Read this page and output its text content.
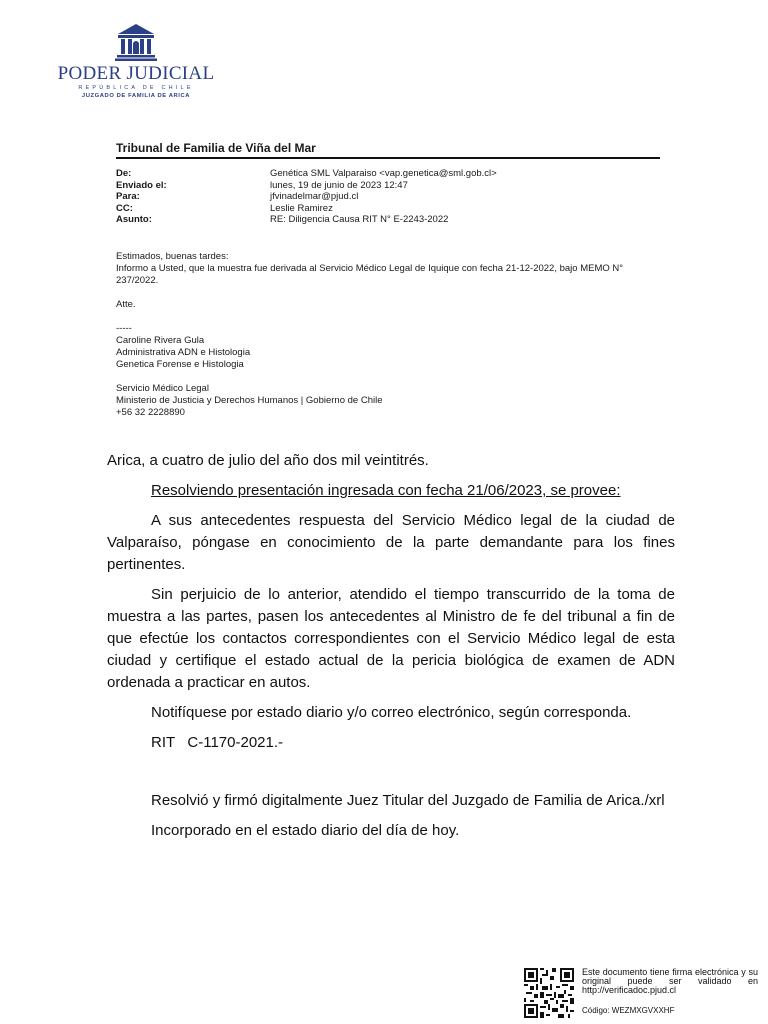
PODER JUDICIAL
REPÚBLICA DE CHILE
JUZGADO DE FAMILIA DE ARICA
Tribunal de Familia de Viña del Mar
De:	Genética SML Valparaiso <vap.genetica@sml.gob.cl>
Enviado el:	lunes, 19 de junio de 2023 12:47
Para:	jfvinadelmar@pjud.cl
CC:	Leslie Ramirez
Asunto:	RE: Diligencia Causa RIT N° E-2243-2022
Estimados, buenas tardes:
Informo a Usted, que la muestra fue derivada al Servicio Médico Legal de Iquique con fecha 21-12-2022, bajo MEMO N°
237/2022.
Atte.
-----
Caroline Rivera Gula
Administrativa ADN e Histologia
Genetica Forense e Histologia
Servicio Médico Legal
Ministerio de Justicia y Derechos Humanos | Gobierno de Chile
+56 32 2228890

Arica, a cuatro de julio del año dos mil veintitrés.

Resolviendo presentación ingresada con fecha 21/06/2023, se provee:

A sus antecedentes respuesta del Servicio Médico legal de la ciudad de Valparaíso, póngase en conocimiento de la parte demandante para los fines pertinentes.

Sin perjuicio de lo anterior, atendido el tiempo transcurrido de la toma de muestra a las partes, pasen los antecedentes al Ministro de fe del tribunal a fin de que efectúe los contactos correspondientes con el Servicio Médico legal de esta ciudad y certifique el estado actual de la pericia biológica de examen de ADN ordenada a practicar en autos.

Notifíquese por estado diario y/o correo electrónico, según corresponda.

RIT   C-1170-2021.-

Resolvió y firmó digitalmente Juez Titular del Juzgado de Familia de Arica./xrl

Incorporado en el estado diario del día de hoy.

Este documento tiene firma electrónica y su original puede ser validado en http://verificadoc.pjud.cl
Código: WEZMXGVXXHF
